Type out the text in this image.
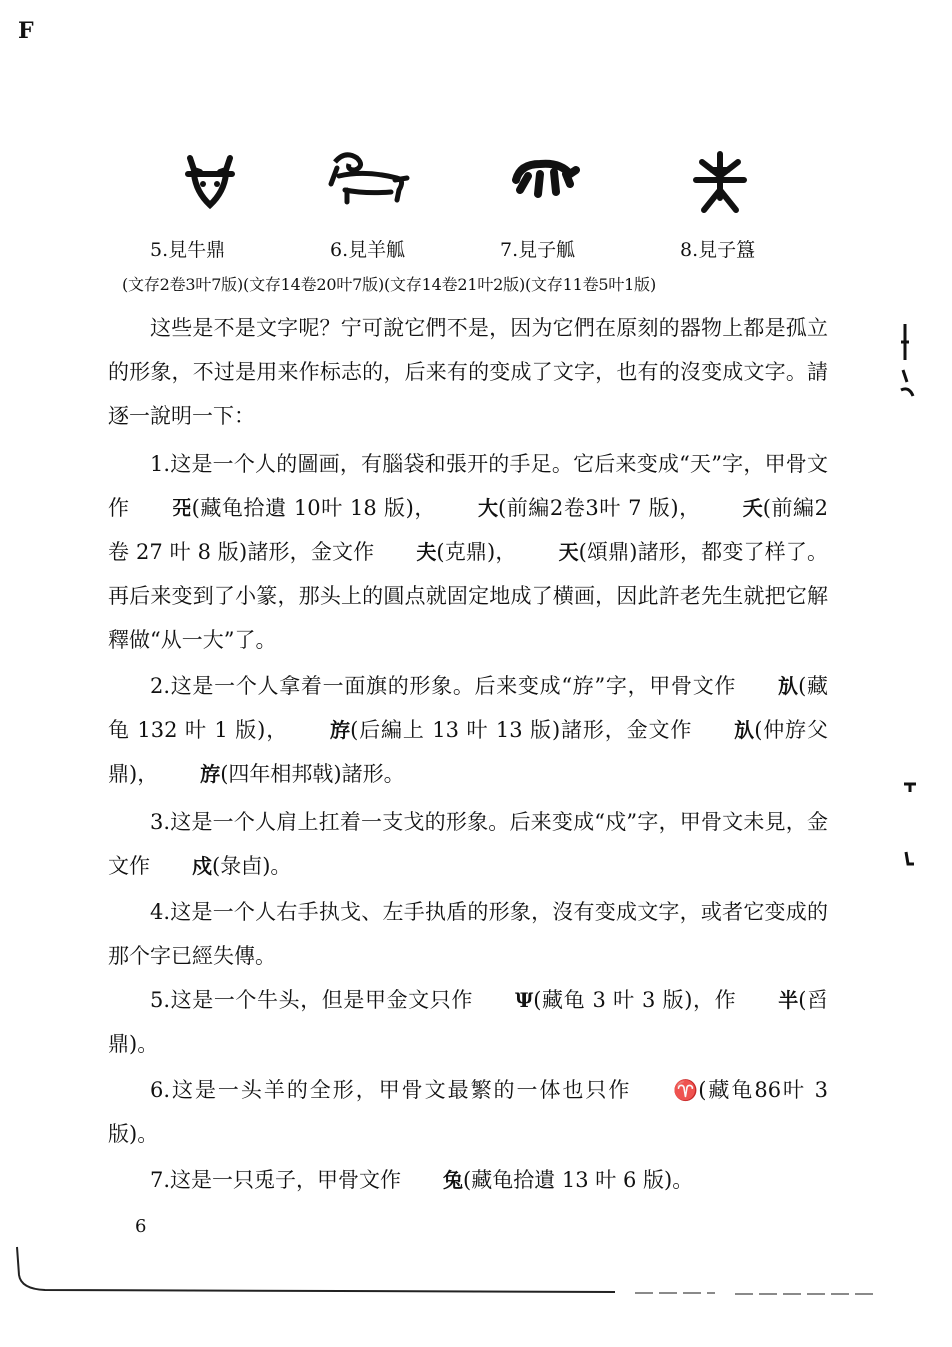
F
5.見牛鼎	6.見羊觚	7.見子觚	8.見子簋
(文存2卷3叶7版)(文存14卷20叶7版)(文存14卷21叶2版)(文存11卷5叶1版)

这些是不是文字呢？宁可說它們不是，因为它們在原刻的器物上都是孤立的形象，不过是用来作标志的，后来有的变成了文字，也有的沒变成文字。請逐一說明一下：

1.这是一个人的圖画，有腦袋和張开的手足。它后来变成“天”字，甲骨文作 𠀘(藏龟拾遺 10叶 18 版)， 大(前編2卷3叶 7 版)， 夭(前編2卷 27 叶 8 版)諸形，金文作 夫(克鼎)， 天(頌鼎)諸形，都变了样了。再后来变到了小篆，那头上的圓点就固定地成了横画，因此許老先生就把它解釋做“从一大”了。

2.这是一个人拿着一面旗的形象。后来变成“斿”字，甲骨文作 㫃(藏龟 132 叶 1 版)， 斿(后編上 13 叶 13 版)諸形，金文作 㫃(仲斿父鼎)， 斿(四年相邦戟)諸形。

3.这是一个人肩上扛着一支戈的形象。后来变成“戍”字，甲骨文未見，金文作 戍(彔卣)。

4.这是一个人右手执戈、左手执盾的形象，沒有变成文字，或者它变成的那个字已經失傳。

5.这是一个牛头，但是甲金文只作 Ψ(藏龟 3 叶 3 版)，作 半(舀鼎)。

6.这是一头羊的全形，甲骨文最繁的一体也只作 ♈(藏龟86叶 3 版)。

7.这是一只兎子，甲骨文作 兔(藏龟拾遺 13 叶 6 版)。

6
